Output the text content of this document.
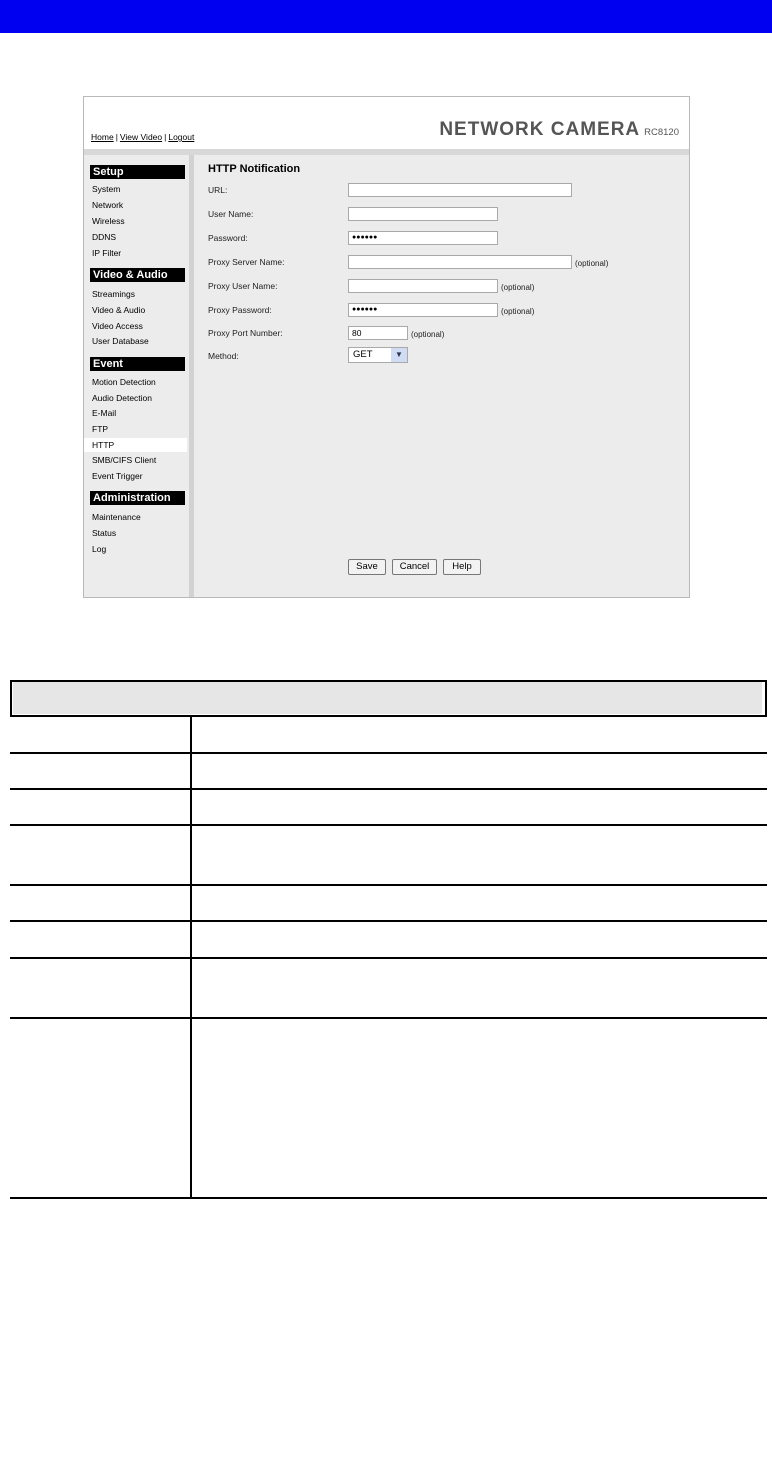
Home | View Video | Logout	NETWORK CAMERA RC8120
Setup
System
Network
Wireless
DDNS
IP Filter
Video & Audio
Streamings
Video & Audio
Video Access
User Database
Event
Motion Detection
Audio Detection
E-Mail
FTP
HTTP
SMB/CIFS Client
Event Trigger
Administration
Maintenance
Status
Log
HTTP Notification
URL:
User Name:
Password:	●●●●●●
Proxy Server Name:	(optional)
Proxy User Name:	(optional)
Proxy Password:	●●●●●●	(optional)
Proxy Port Number:	80	(optional)
Method:	GET	▼
Save	Cancel	Help
